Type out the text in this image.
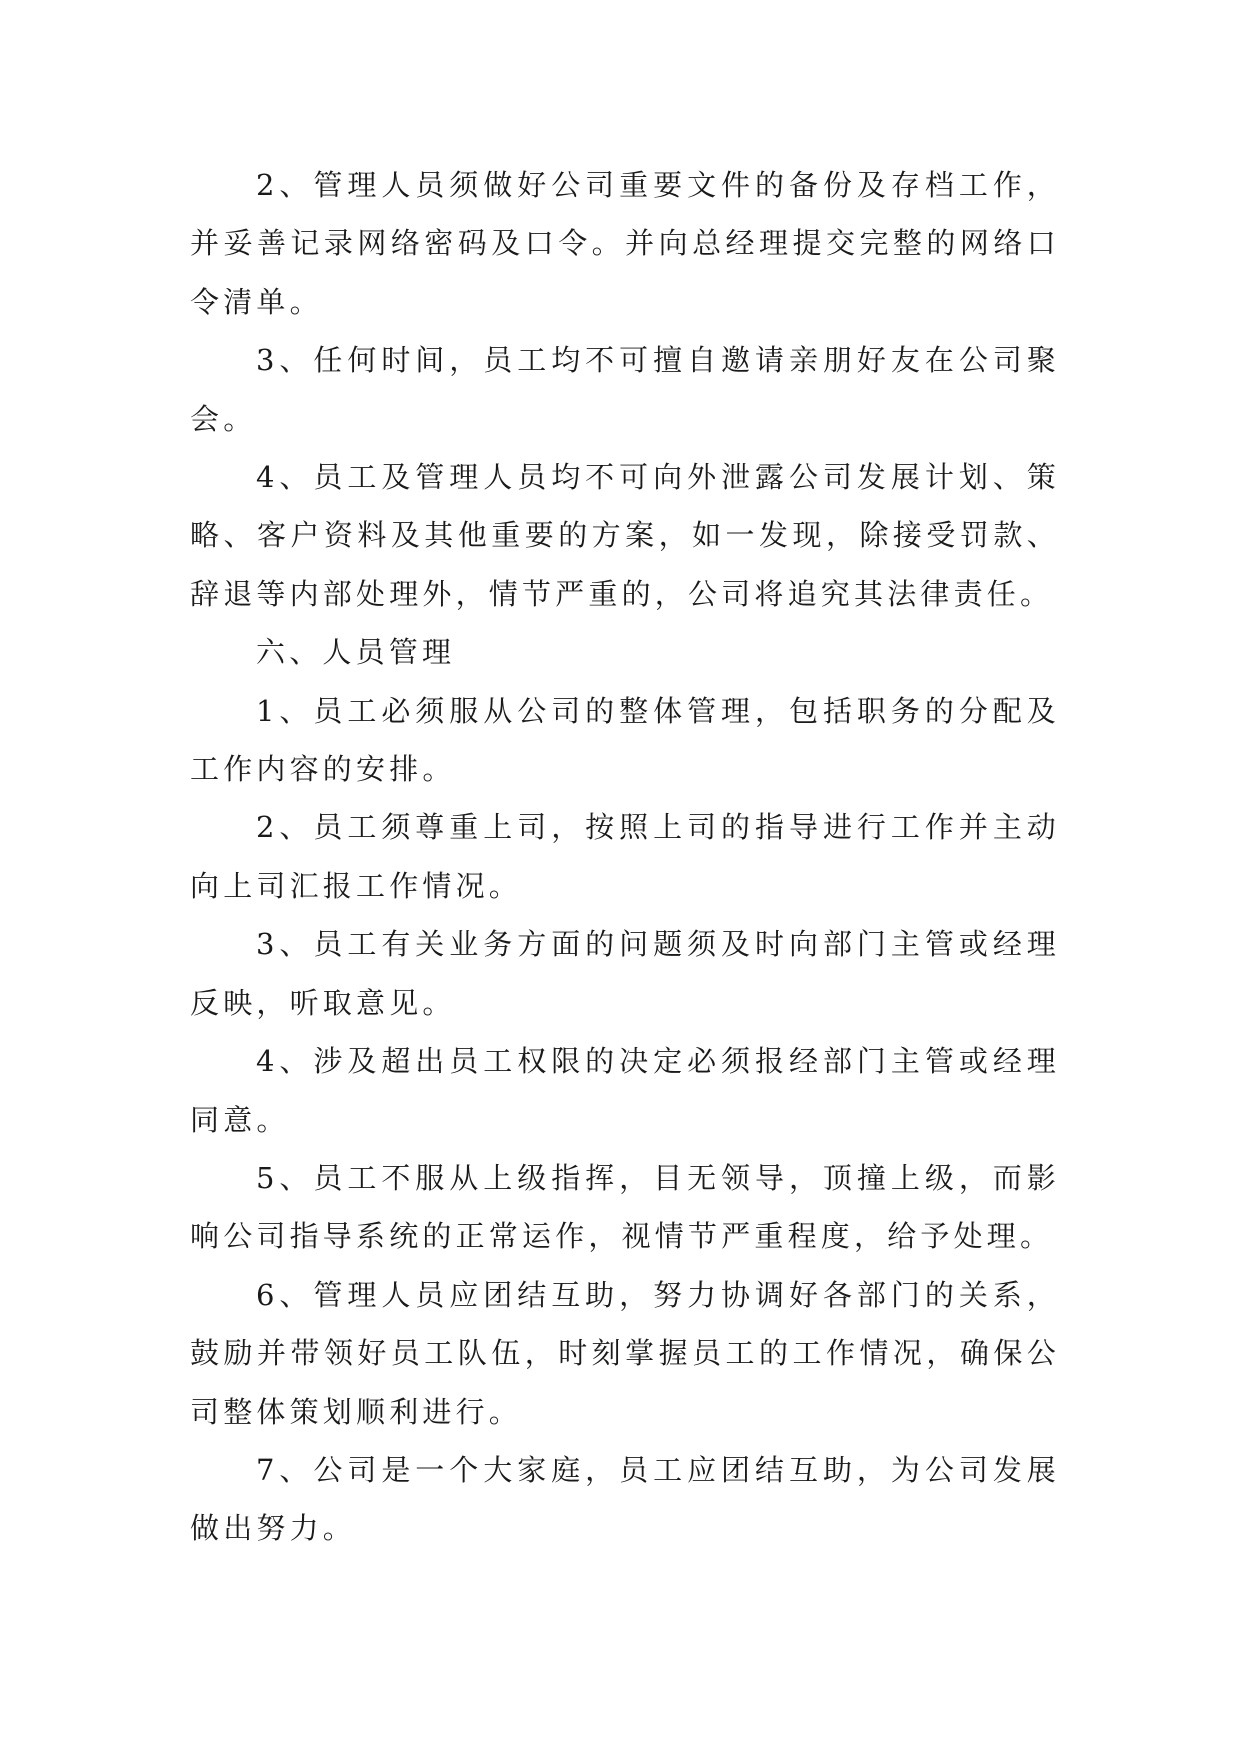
2、管理人员须做好公司重要文件的备份及存档工作，并妥善记录网络密码及口令。并向总经理提交完整的网络口令清单。

3、任何时间，员工均不可擅自邀请亲朋好友在公司聚会。

4、员工及管理人员均不可向外泄露公司发展计划、策略、客户资料及其他重要的方案，如一发现，除接受罚款、辞退等内部处理外，情节严重的，公司将追究其法律责任。

六、人员管理

1、员工必须服从公司的整体管理，包括职务的分配及工作内容的安排。

2、员工须尊重上司，按照上司的指导进行工作并主动向上司汇报工作情况。

3、员工有关业务方面的问题须及时向部门主管或经理反映，听取意见。

4、涉及超出员工权限的决定必须报经部门主管或经理同意。

5、员工不服从上级指挥，目无领导，顶撞上级，而影响公司指导系统的正常运作，视情节严重程度，给予处理。

6、管理人员应团结互助，努力协调好各部门的关系，鼓励并带领好员工队伍，时刻掌握员工的工作情况，确保公司整体策划顺利进行。

7、公司是一个大家庭，员工应团结互助，为公司发展做出努力。
